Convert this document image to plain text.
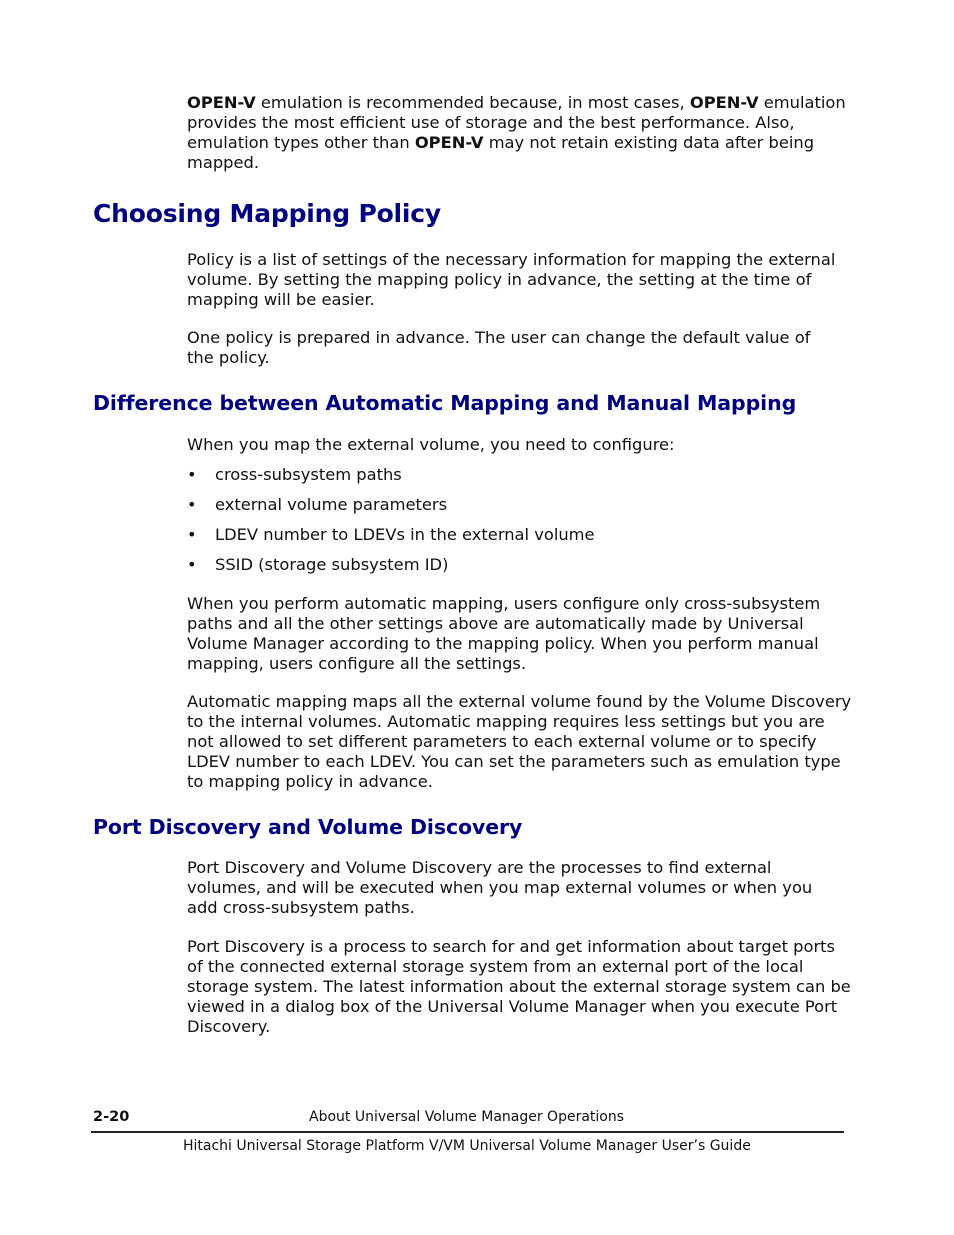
OPEN-V emulation is recommended because, in most cases, OPEN-V emulation provides the most efficient use of storage and the best performance. Also, emulation types other than OPEN-V may not retain existing data after being mapped.

Choosing Mapping Policy

Policy is a list of settings of the necessary information for mapping the external volume. By setting the mapping policy in advance, the setting at the time of mapping will be easier.

One policy is prepared in advance. The user can change the default value of the policy.

Difference between Automatic Mapping and Manual Mapping

When you map the external volume, you need to configure:

• cross-subsystem paths
• external volume parameters
• LDEV number to LDEVs in the external volume
• SSID (storage subsystem ID)

When you perform automatic mapping, users configure only cross-subsystem paths and all the other settings above are automatically made by Universal Volume Manager according to the mapping policy. When you perform manual mapping, users configure all the settings.

Automatic mapping maps all the external volume found by the Volume Discovery to the internal volumes. Automatic mapping requires less settings but you are not allowed to set different parameters to each external volume or to specify LDEV number to each LDEV. You can set the parameters such as emulation type to mapping policy in advance.

Port Discovery and Volume Discovery

Port Discovery and Volume Discovery are the processes to find external volumes, and will be executed when you map external volumes or when you add cross-subsystem paths.

Port Discovery is a process to search for and get information about target ports of the connected external storage system from an external port of the local storage system. The latest information about the external storage system can be viewed in a dialog box of the Universal Volume Manager when you execute Port Discovery.

2-20	About Universal Volume Manager Operations
Hitachi Universal Storage Platform V/VM Universal Volume Manager User’s Guide
